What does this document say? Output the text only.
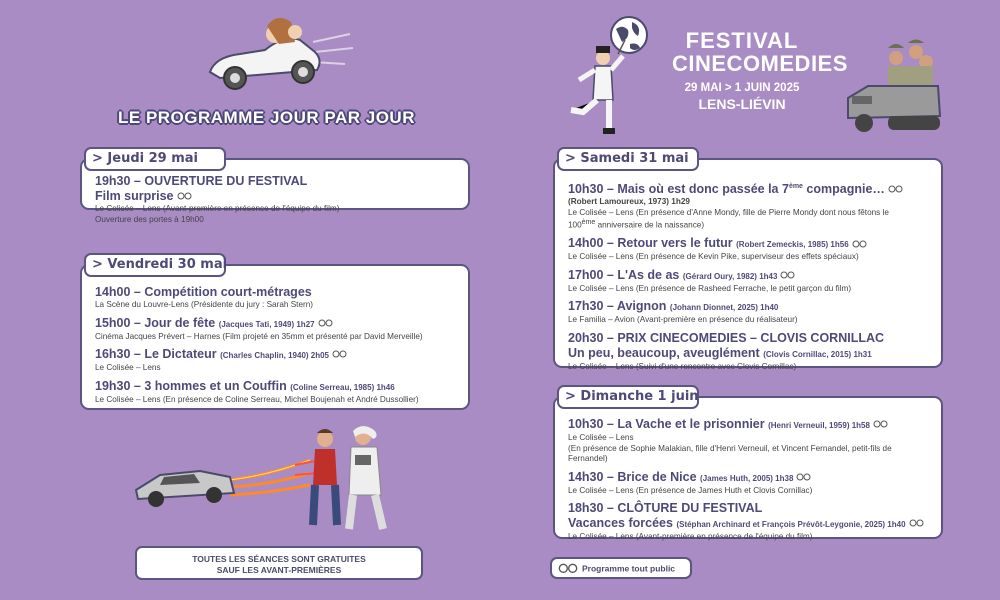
LE PROGRAMME JOUR PAR JOUR
FESTIVAL
CINECOMEDIES
29 MAI > 1 JUIN 2025
LENS-LIÉVIN
19h30 – OUVERTURE DU FESTIVAL
Film surprise
Le Colisée – Lens (Avant-première en présence de l'équipe du film)
Ouverture des portes à 19h00
> Jeudi 29 mai
14h00 – Compétition court-métrages
La Scène du Louvre-Lens (Présidente du jury : Sarah Stern)
15h00 – Jour de fête (Jacques Tati, 1949) 1h27
Cinéma Jacques Prévert – Harnes (Film projeté en 35mm et présenté par David Merveille)
16h30 – Le Dictateur (Charles Chaplin, 1940) 2h05
Le Colisée – Lens
19h30 – 3 hommes et un Couffin (Coline Serreau, 1985) 1h46
Le Colisée – Lens (En présence de Coline Serreau, Michel Boujenah et André Dussollier)
> Vendredi 30 mai
10h30 – Mais où est donc passée la 7ème compagnie…
(Robert Lamoureux, 1973) 1h29
Le Colisée – Lens (En présence d'Anne Mondy, fille de Pierre Mondy dont nous fêtons le
100ème anniversaire de la naissance)
14h00 – Retour vers le futur (Robert Zemeckis, 1985) 1h56
Le Colisée – Lens (En présence de Kevin Pike, superviseur des effets spéciaux)
17h00 – L'As de as (Gérard Oury, 1982) 1h43
Le Colisée – Lens (En présence de Rasheed Ferrache, le petit garçon du film)
17h30 – Avignon (Johann Dionnet, 2025) 1h40
Le Familia – Avion (Avant-première en présence du réalisateur)
20h30 – PRIX CINECOMEDIES – CLOVIS CORNILLAC
Un peu, beaucoup, aveuglément (Clovis Cornillac, 2015) 1h31
Le Colisée – Lens (Suivi d'une rencontre avec Clovis Cornillac)
> Samedi 31 mai
10h30 – La Vache et le prisonnier (Henri Verneuil, 1959) 1h58
Le Colisée – Lens
(En présence de Sophie Malakian, fille d'Henri Verneuil, et Vincent Fernandel, petit-fils de Fernandel)
14h30 – Brice de Nice (James Huth, 2005) 1h38
Le Colisée – Lens (En présence de James Huth et Clovis Cornillac)
18h30 – CLÔTURE DU FESTIVAL
Vacances forcées (Stéphan Archinard et François Prévôt-Leygonie, 2025) 1h40
Le Colisée – Lens (Avant-première en présence de l'équipe du film)
> Dimanche 1 juin
TOUTES LES SÉANCES SONT GRATUITES
SAUF LES AVANT-PREMIÈRES	Programme tout public
